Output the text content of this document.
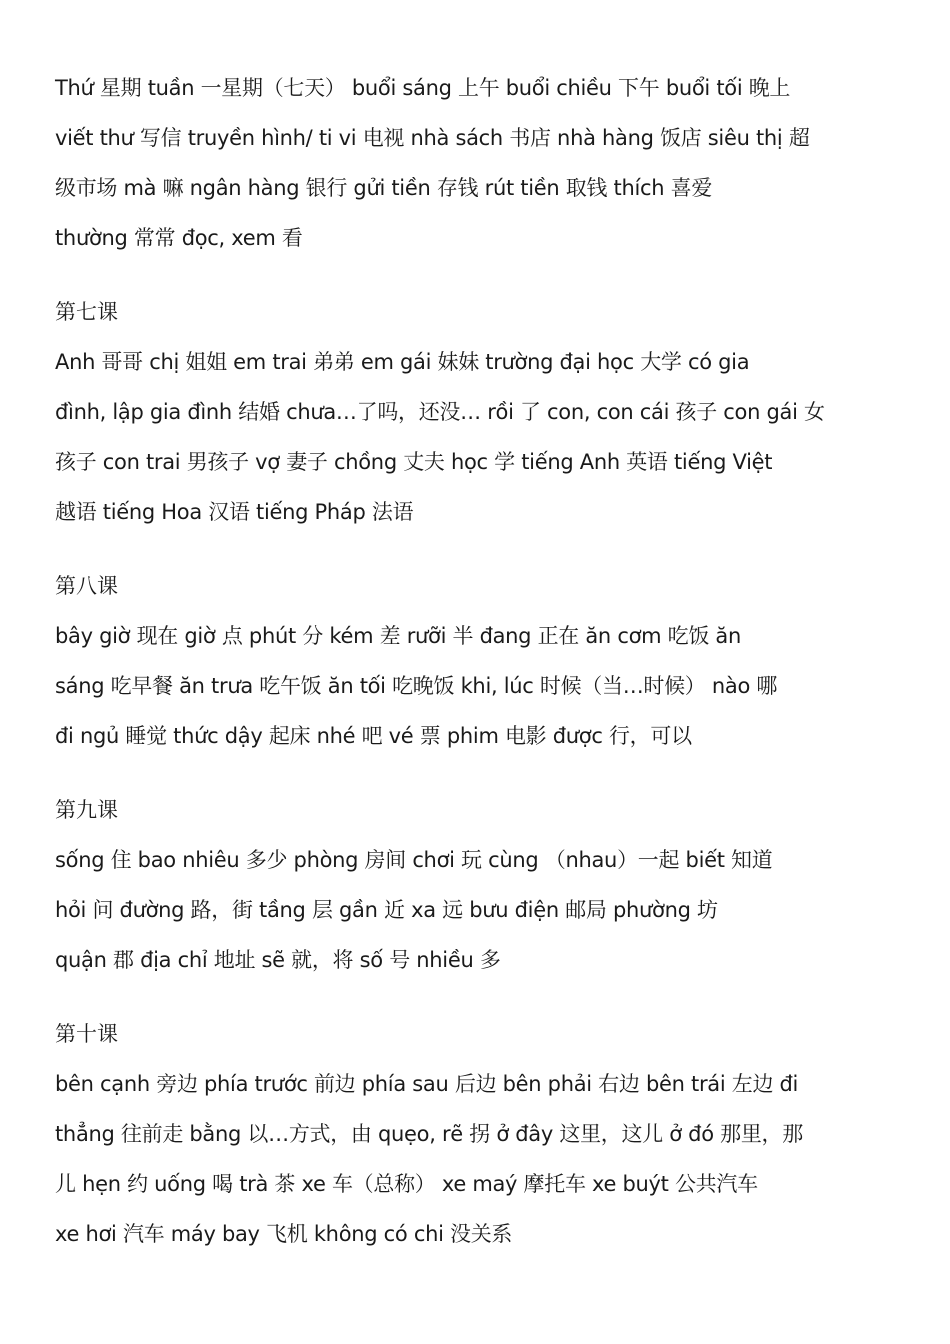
Thứ 星期 tuần 一星期（七天） buổi sáng 上午 buổi chiều 下午 buổi tối 晚上
viết thư 写信 truyền hình/ ti vi 电视 nhà sách 书店 nhà hàng 饭店 siêu thị 超
级市场 mà 嘛 ngân hàng 银行 gửi tiền 存钱 rút tiền 取钱 thích 喜爱
thường 常常 đọc, xem 看
第七课
Anh 哥哥 chị 姐姐 em trai 弟弟 em gái 妹妹 trường đại học 大学 có gia
đình, lập gia đình 结婚 chưa…了吗，还没… rồi 了 con, con cái 孩子 con gái 女
孩子 con trai 男孩子 vợ 妻子 chồng 丈夫 học 学 tiếng Anh 英语 tiếng Việt
越语 tiếng Hoa 汉语 tiếng Pháp 法语
第八课
bây giờ 现在 giờ 点 phút 分 kém 差 rưỡi 半 đang 正在 ăn cơm 吃饭 ăn
sáng 吃早餐 ăn trưa 吃午饭 ăn tối 吃晚饭 khi, lúc 时候（当…时候） nào 哪
đi ngủ 睡觉 thức dậy 起床 nhé 吧 vé 票 phim 电影 được 行，可以
第九课
sống 住 bao nhiêu 多少 phòng 房间 chơi 玩 cùng （nhau）一起 biết 知道
hỏi 问 đường 路，街 tầng 层 gần 近 xa 远 bưu điện 邮局 phường 坊
quận 郡 địa chỉ 地址 sẽ 就，将 số 号 nhiều 多
第十课
bên cạnh 旁边 phía trước 前边 phía sau 后边 bên phải 右边 bên trái 左边 đi
thẳng 往前走 bằng 以…方式，由 quẹo, rẽ 拐 ở đây 这里，这儿 ở đó 那里，那
儿 hẹn 约 uống 喝 trà 茶 xe 车（总称） xe maý 摩托车 xe buýt 公共汽车
xe hơi 汽车 máy bay 飞机 không có chi 没关系
